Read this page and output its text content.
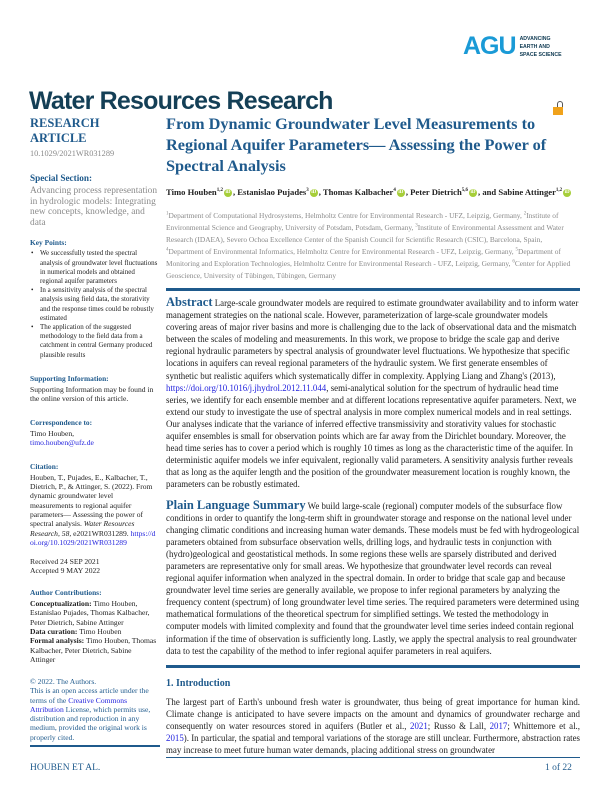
AGU ADVANCING
EARTH AND
SPACE SCIENCE
Water Resources Research
RESEARCH ARTICLE
10.1029/2021WR031289
Special Section:
Advancing process representation in hydrologic models: Integrating new concepts, knowledge, and data
Key Points:
• We successfully tested the spectral analysis of groundwater level fluctuations in numerical models and obtained regional aquifer parameters
• In a sensitivity analysis of the spectral analysis using field data, the storativity and the response times could be robustly estimated
• The application of the suggested methodology to the field data from a catchment in central Germany produced plausible results
Supporting Information:
Supporting Information may be found in the online version of this article.
Correspondence to:
Timo Houben,
timo.houben@ufz.de
Citation:
Houben, T., Pujades, E., Kalbacher, T., Dietrich, P., & Attinger, S. (2022). From dynamic groundwater level measurements to regional aquifer parameters— Assessing the power of spectral analysis. Water Resources Research, 58, e2021WR031289. https://doi.org/10.1029/2021WR031289
Received 24 SEP 2021
Accepted 9 MAY 2022
Author Contributions:
Conceptualization: Timo Houben, Estanislao Pujades, Thomas Kalbacher, Peter Dietrich, Sabine Attinger
Data curation: Timo Houben
Formal analysis: Timo Houben, Thomas Kalbacher, Peter Dietrich, Sabine Attinger
© 2022. The Authors.
This is an open access article under the terms of the Creative Commons Attribution License, which permits use, distribution and reproduction in any medium, provided the original work is properly cited.
HOUBEN ET AL.	1 of 22
From Dynamic Groundwater Level Measurements to Regional Aquifer Parameters— Assessing the Power of Spectral Analysis
Timo Houben$^{1,2}$ iD , Estanislao Pujades$^3$ iD , Thomas Kalbacher$^4$ iD , Peter Dietrich$^{5,6}$ iD , and Sabine Attinger$^{1,2}$ iD
$^1$Department of Computational Hydrosystems, Helmholtz Centre for Environmental Research - UFZ, Leipzig, Germany, $^2$Institute of Environmental Science and Geography, University of Potsdam, Potsdam, Germany, $^3$Institute of Environmental Assessment and Water Research (IDAEA), Severo Ochoa Excellence Center of the Spanish Council for Scientific Research (CSIC), Barcelona, Spain, $^4$Department of Environmental Informatics, Helmholtz Centre for Environmental Research - UFZ, Leipzig, Germany, $^5$Department of Monitoring and Exploration Technologies, Helmholtz Centre for Environmental Research - UFZ, Leipzig, Germany, $^6$Center for Applied Geoscience, University of Tübingen, Tübingen, Germany
Abstract Large-scale groundwater models are required to estimate groundwater availability and to inform water management strategies on the national scale. However, parameterization of large-scale groundwater models covering areas of major river basins and more is challenging due to the lack of observational data and the mismatch between the scales of modeling and measurements. In this work, we propose to bridge the scale gap and derive regional hydraulic parameters by spectral analysis of groundwater level fluctuations. We hypothesize that specific locations in aquifers can reveal regional parameters of the hydraulic system. We first generate ensembles of synthetic but realistic aquifers which systematically differ in complexity. Applying Liang and Zhang's (2013), https://doi.org/10.1016/j.jhydrol.2012.11.044, semi-analytical solution for the spectrum of hydraulic head time series, we identify for each ensemble member and at different locations representative aquifer parameters. Next, we extend our study to investigate the use of spectral analysis in more complex numerical models and in real settings. Our analyses indicate that the variance of inferred effective transmissivity and storativity values for stochastic aquifer ensembles is small for observation points which are far away from the Dirichlet boundary. Moreover, the head time series has to cover a period which is roughly 10 times as long as the characteristic time of the aquifer. In deterministic aquifer models we infer equivalent, regionally valid parameters. A sensitivity analysis further reveals that as long as the aquifer length and the position of the groundwater measurement location is roughly known, the parameters can be robustly estimated.
Plain Language Summary We build large-scale (regional) computer models of the subsurface flow conditions in order to quantify the long-term shift in groundwater storage and response on the national level under changing climatic conditions and increasing human water demands. These models must be fed with hydrogeological parameters obtained from subsurface observation wells, drilling logs, and hydraulic tests in conjunction with (hydro)geological and geostatistical methods. In some regions these wells are sparsely distributed and derived parameters are representative only for small areas. We hypothesize that groundwater level records can reveal regional aquifer information when analyzed in the spectral domain. In order to bridge that scale gap and because groundwater level time series are generally available, we propose to infer regional parameters by analyzing the frequency content (spectrum) of long groundwater level time series. The required parameters were determined using mathematical formulations of the theoretical spectrum for simplified settings. We tested the methodology in computer models with limited complexity and found that the groundwater level time series indeed contain regional information if the time of observation is sufficiently long. Lastly, we apply the spectral analysis to real groundwater data to test the capability of the method to infer regional aquifer parameters in real aquifers.
1. Introduction
The largest part of Earth's unbound fresh water is groundwater, thus being of great importance for human kind. Climate change is anticipated to have severe impacts on the amount and dynamics of groundwater recharge and consequently on water resources stored in aquifers (Butler et al., 2021; Russo & Lall, 2017; Whittemore et al., 2015). In particular, the spatial and temporal variations of the storage are still unclear. Furthermore, abstraction rates may increase to meet future human water demands, placing additional stress on groundwater
